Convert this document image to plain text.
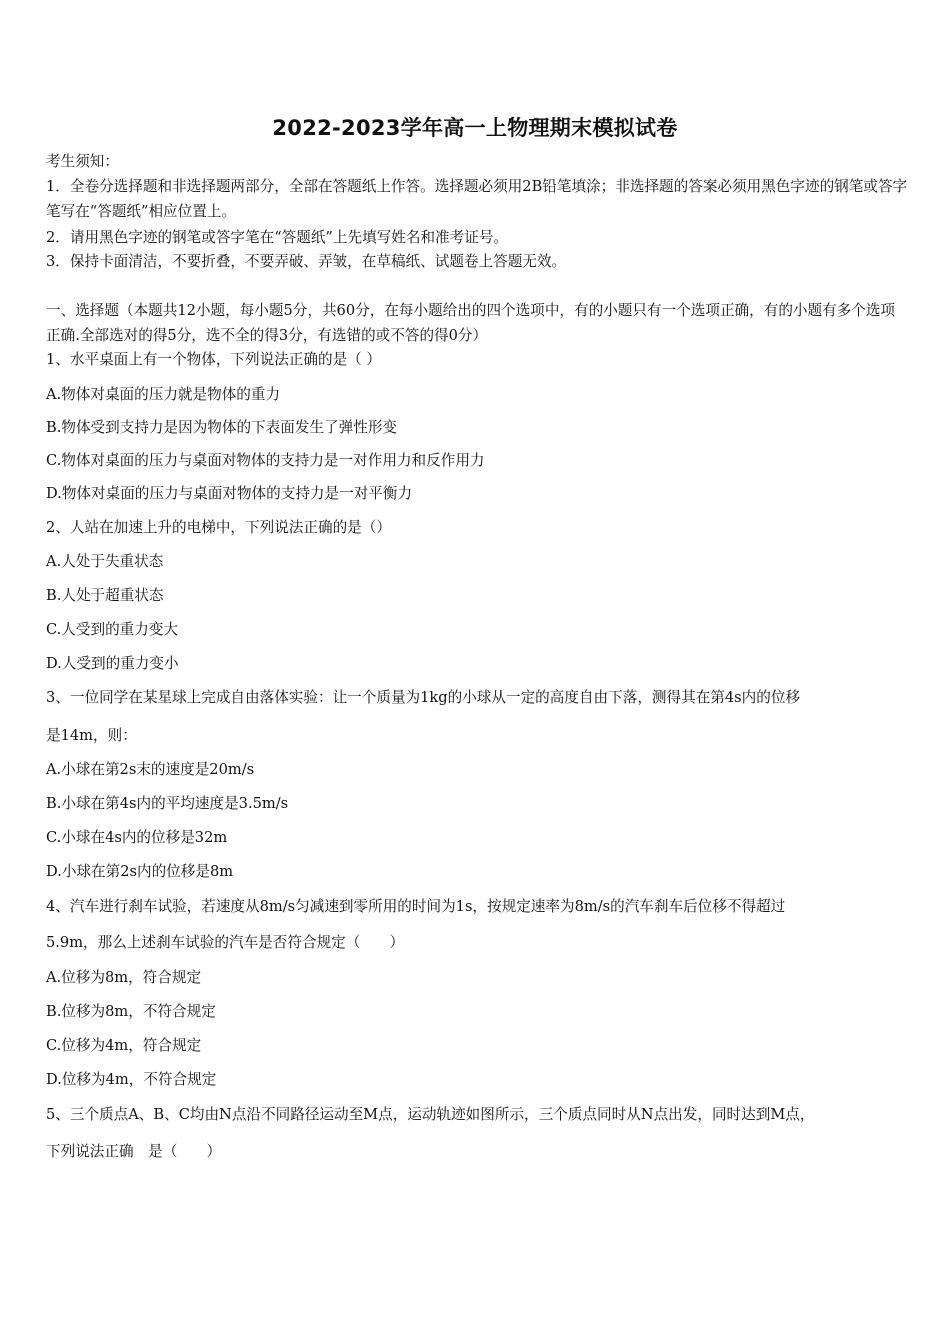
2022-2023学年高一上物理期末模拟试卷
考生须知：
1．全卷分选择题和非选择题两部分，全部在答题纸上作答。选择题必须用2B铅笔填涂；非选择题的答案必须用黑色字迹的钢笔或答字笔写在“答题纸”相应位置上。
2．请用黑色字迹的钢笔或答字笔在“答题纸”上先填写姓名和准考证号。
3．保持卡面清洁，不要折叠，不要弄破、弄皱，在草稿纸、试题卷上答题无效。
一、选择题（本题共12小题，每小题5分，共60分，在每小题给出的四个选项中，有的小题只有一个选项正确，有的小题有多个选项正确.全部选对的得5分，选不全的得3分，有选错的或不答的得0分）
1、水平桌面上有一个物体，下列说法正确的是（ ）
A.物体对桌面的压力就是物体的重力
B.物体受到支持力是因为物体的下表面发生了弹性形变
C.物体对桌面的压力与桌面对物体的支持力是一对作用力和反作用力
D.物体对桌面的压力与桌面对物体的支持力是一对平衡力
2、人站在加速上升的电梯中，下列说法正确的是（）
A.人处于失重状态
B.人处于超重状态
C.人受到的重力变大
D.人受到的重力变小
3、一位同学在某星球上完成自由落体实验：让一个质量为1kg的小球从一定的高度自由下落，测得其在第4s内的位移
是14m，则：
A.小球在第2s末的速度是20m/s
B.小球在第4s内的平均速度是3.5m/s
C.小球在4s内的位移是32m
D.小球在第2s内的位移是8m
4、汽车进行刹车试验，若速度从8m/s匀减速到零所用的时间为1s，按规定速率为8m/s的汽车刹车后位移不得超过
5.9m，那么上述刹车试验的汽车是否符合规定（　　）
A.位移为8m，符合规定
B.位移为8m，不符合规定
C.位移为4m，符合规定
D.位移为4m，不符合规定
5、三个质点A、B、C均由N点沿不同路径运动至M点，运动轨迹如图所示，三个质点同时从N点出发，同时达到M点，
下列说法正确　是（　　）
